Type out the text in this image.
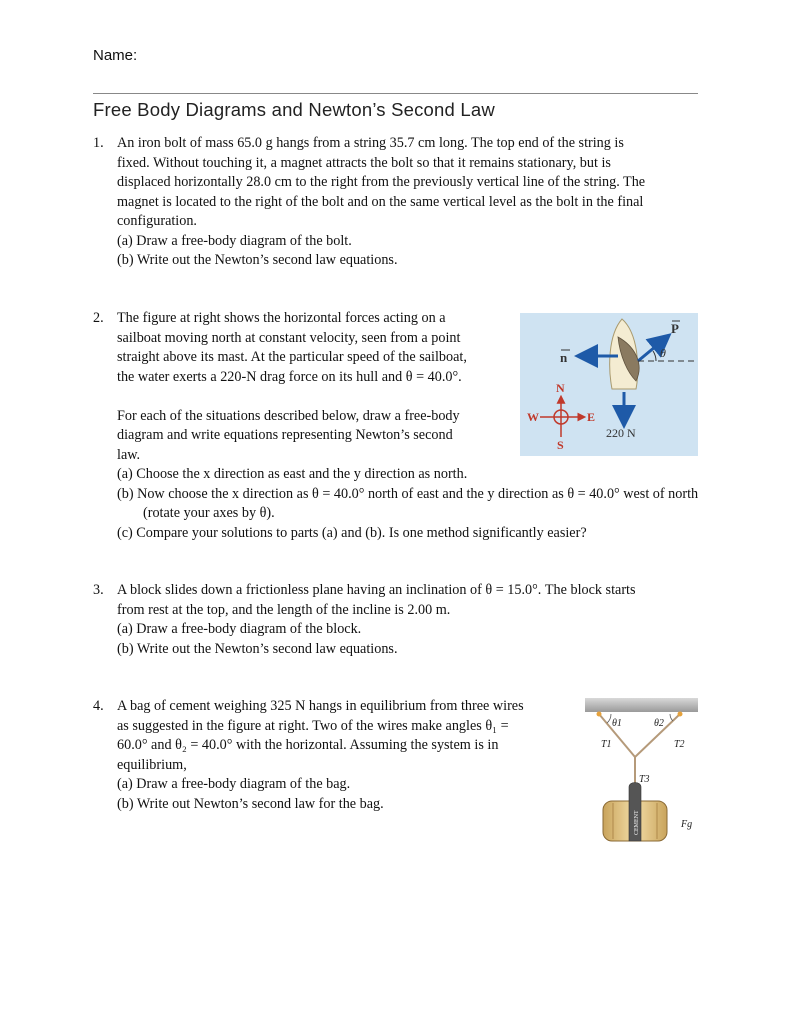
Name:
Free Body Diagrams and Newton’s Second Law
1. An iron bolt of mass 65.0 g hangs from a string 35.7 cm long. The top end of the string is

fixed. Without touching it, a magnet attracts the bolt so that it remains stationary, but is

displaced horizontally 28.0 cm to the right from the previously vertical line of the string. The

magnet is located to the right of the bolt and on the same vertical level as the bolt in the final

configuration.

(a) Draw a free-body diagram of the bolt.

(b) Write out the Newton’s second law equations.

2. The figure at right shows the horizontal forces acting on a

sailboat moving north at constant velocity, seen from a point

straight above its mast. At the particular speed of the sailboat,

the water exerts a 220-N drag force on its hull and θ = 40.0°.

For each of the situations described below, draw a free-body

diagram and write equations representing Newton’s second

law.

(a) Choose the x direction as east and the y direction as north.

(b) Now choose the x direction as θ = 40.0° north of east and the y direction as θ = 40.0° west of north (rotate your axes by θ).

(c) Compare your solutions to parts (a) and (b). Is one method significantly easier?

n
P
θ
220 N
N
S
E
W
3. A block slides down a frictionless plane having an inclination of θ = 15.0°. The block starts

from rest at the top, and the length of the incline is 2.00 m.

(a) Draw a free-body diagram of the block.

(b) Write out the Newton’s second law equations.

4. A bag of cement weighing 325 N hangs in equilibrium from three wires

as suggested in the figure at right. Two of the wires make angles θ₁ =

60.0° and θ₂ = 40.0° with the horizontal. Assuming the system is in

equilibrium,

(a) Draw a free-body diagram of the bag.

(b) Write out Newton’s second law for the bag.

θ1	θ2
T1	T2
T3
CEMENT	Fg
